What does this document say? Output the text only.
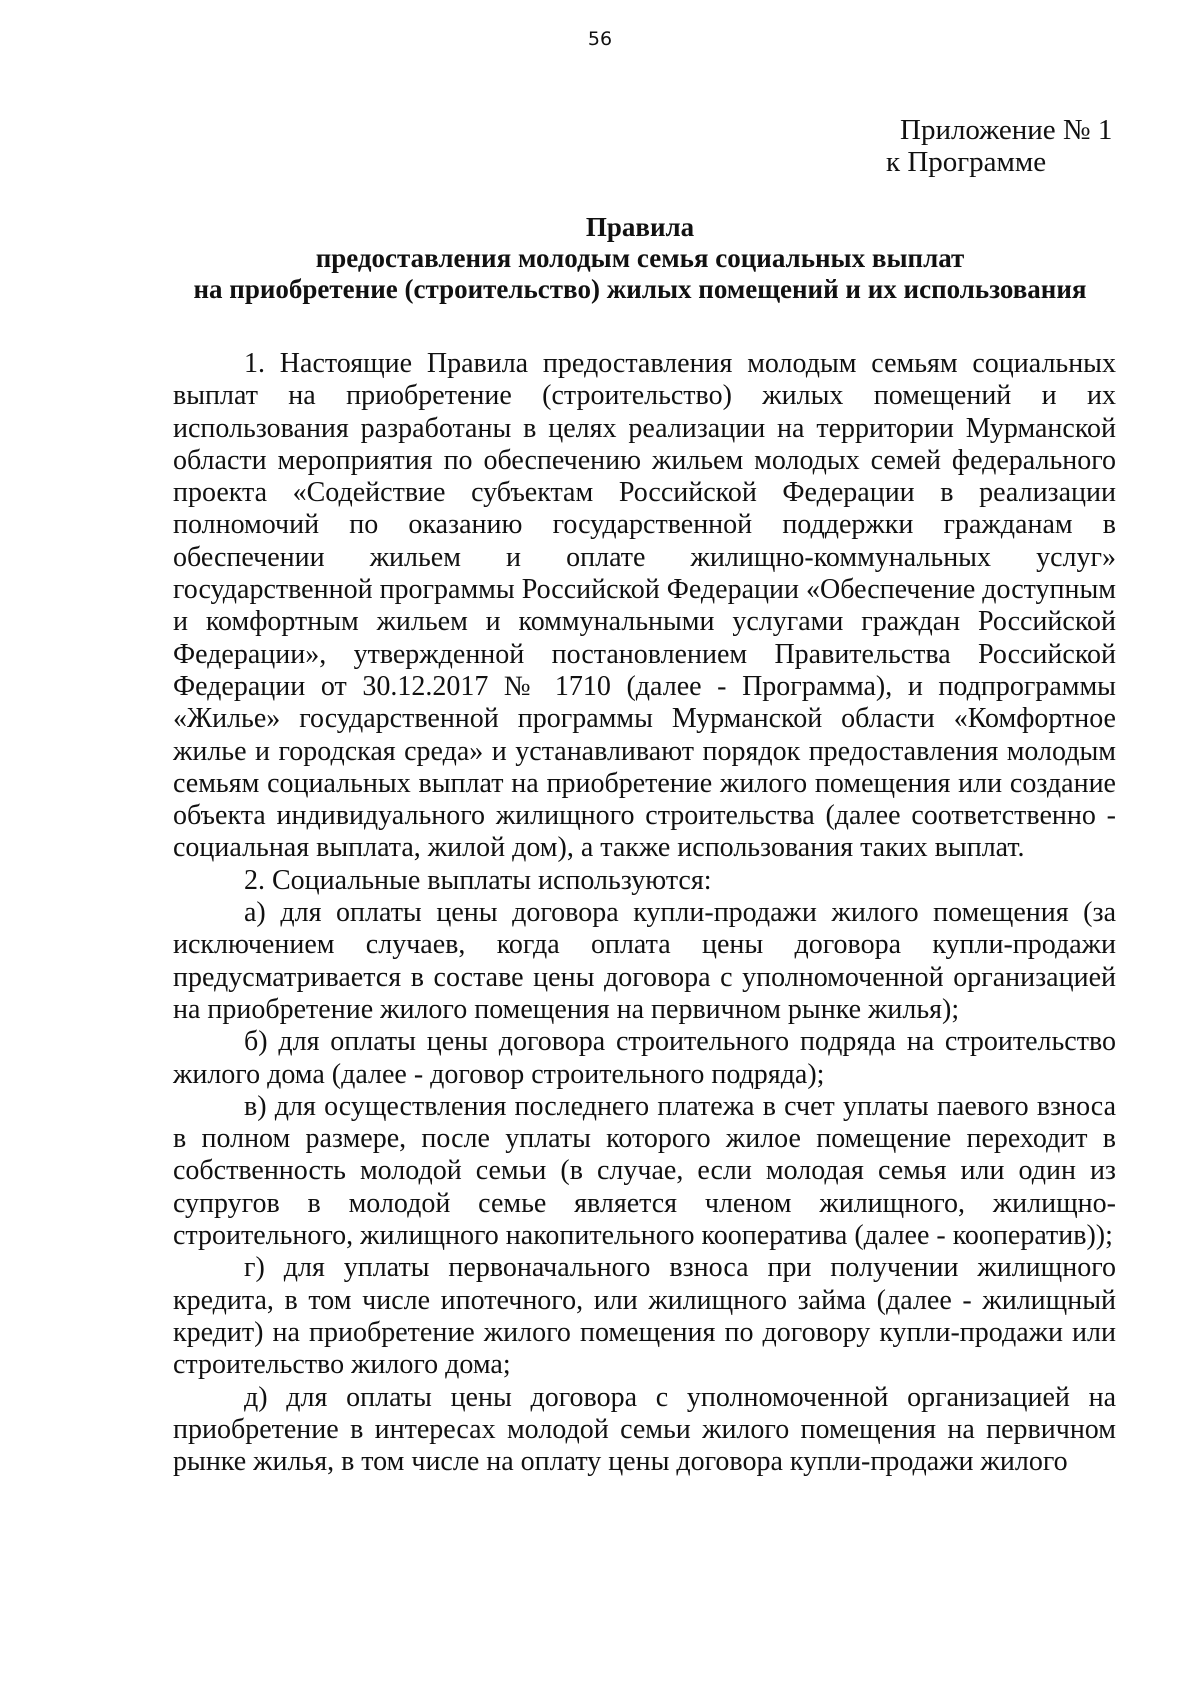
56
Приложение № 1
к Программе
Правила
предоставления молодым семья социальных выплат
на приобретение (строительство) жилых помещений и их использования

1. Настоящие Правила предоставления молодым семьям социальных выплат на приобретение (строительство) жилых помещений и их использования разработаны в целях реализации на территории Мурманской области мероприятия по обеспечению жильем молодых семей федерального проекта «Содействие субъектам Российской Федерации в реализации полномочий по оказанию государственной поддержки гражданам в обеспечении жильем и оплате жилищно-коммунальных услуг» государственной программы Российской Федерации «Обеспечение доступным и комфортным жильем и коммунальными услугами граждан Российской Федерации», утвержденной постановлением Правительства Российской Федерации от 30.12.2017 № 1710 (далее - Программа), и подпрограммы «Жилье» государственной программы Мурманской области «Комфортное жилье и городская среда» и устанавливают порядок предоставления молодым семьям социальных выплат на приобретение жилого помещения или создание объекта индивидуального жилищного строительства (далее соответственно - социальная выплата, жилой дом), а также использования таких выплат.

2. Социальные выплаты используются:

а) для оплаты цены договора купли-продажи жилого помещения (за исключением случаев, когда оплата цены договора купли-продажи предусматривается в составе цены договора с уполномоченной организацией на приобретение жилого помещения на первичном рынке жилья);

б) для оплаты цены договора строительного подряда на строительство жилого дома (далее - договор строительного подряда);

в) для осуществления последнего платежа в счет уплаты паевого взноса в полном размере, после уплаты которого жилое помещение переходит в собственность молодой семьи (в случае, если молодая семья или один из супругов в молодой семье является членом жилищного, жилищно-строительного, жилищного накопительного кооператива (далее - кооператив));

г) для уплаты первоначального взноса при получении жилищного кредита, в том числе ипотечного, или жилищного займа (далее - жилищный кредит) на приобретение жилого помещения по договору купли-продажи или строительство жилого дома;

д) для оплаты цены договора с уполномоченной организацией на приобретение в интересах молодой семьи жилого помещения на первичном рынке жилья, в том числе на оплату цены договора купли-продажи жилого
